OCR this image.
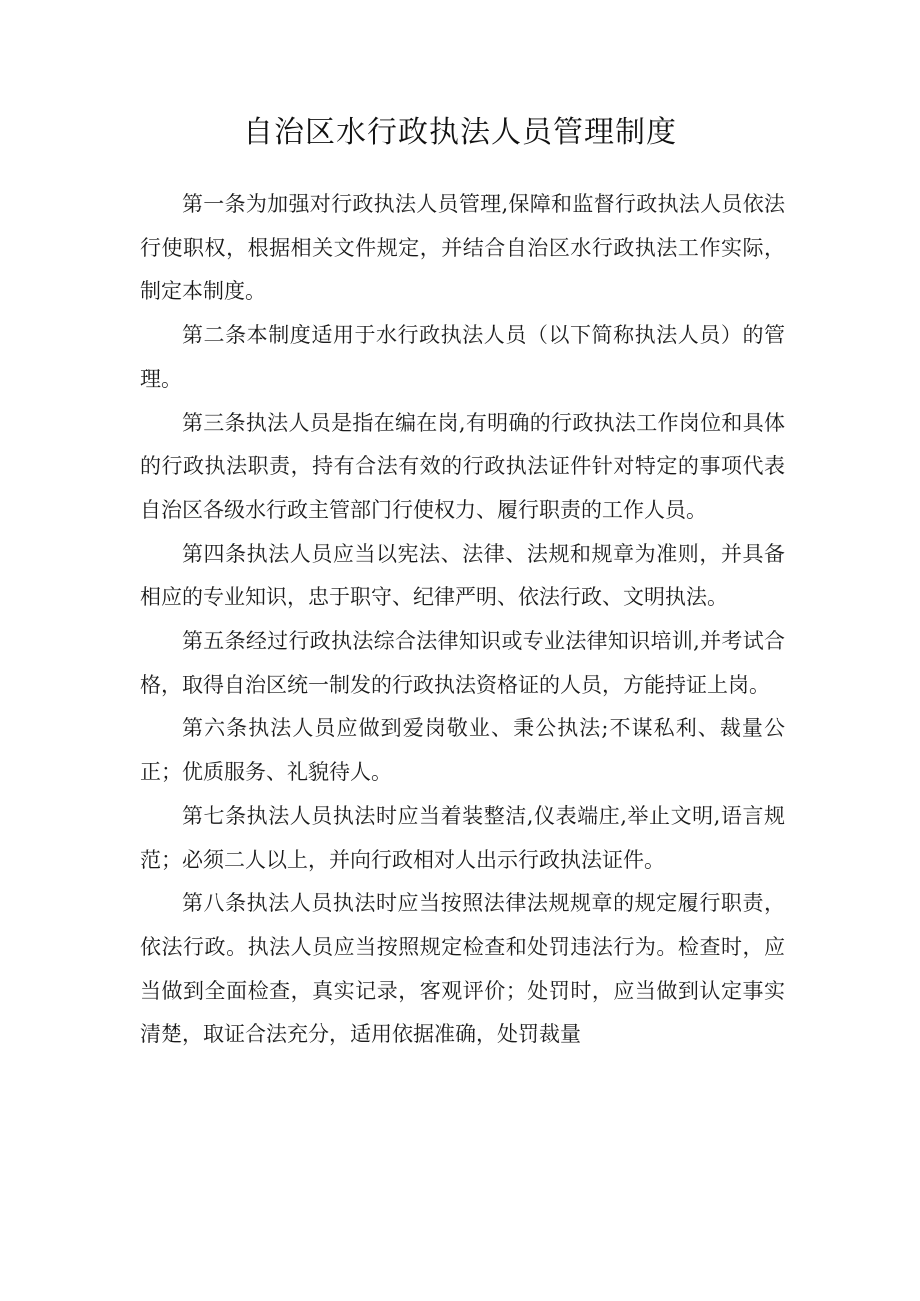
自治区水行政执法人员管理制度

第一条为加强对行政执法人员管理,保障和监督行政执法人员依法行使职权，根据相关文件规定，并结合自治区水行政执法工作实际，制定本制度。

第二条本制度适用于水行政执法人员（以下简称执法人员）的管理。

第三条执法人员是指在编在岗,有明确的行政执法工作岗位和具体的行政执法职责，持有合法有效的行政执法证件针对特定的事项代表自治区各级水行政主管部门行使权力、履行职责的工作人员。

第四条执法人员应当以宪法、法律、法规和规章为准则，并具备相应的专业知识，忠于职守、纪律严明、依法行政、文明执法。

第五条经过行政执法综合法律知识或专业法律知识培训,并考试合格，取得自治区统一制发的行政执法资格证的人员，方能持证上岗。

第六条执法人员应做到爱岗敬业、秉公执法;不谋私利、裁量公正；优质服务、礼貌待人。

第七条执法人员执法时应当着装整洁,仪表端庄,举止文明,语言规范；必须二人以上，并向行政相对人出示行政执法证件。

第八条执法人员执法时应当按照法律法规规章的规定履行职责，依法行政。执法人员应当按照规定检查和处罚违法行为。检查时，应当做到全面检查，真实记录，客观评价；处罚时，应当做到认定事实清楚，取证合法充分，适用依据准确，处罚裁量
